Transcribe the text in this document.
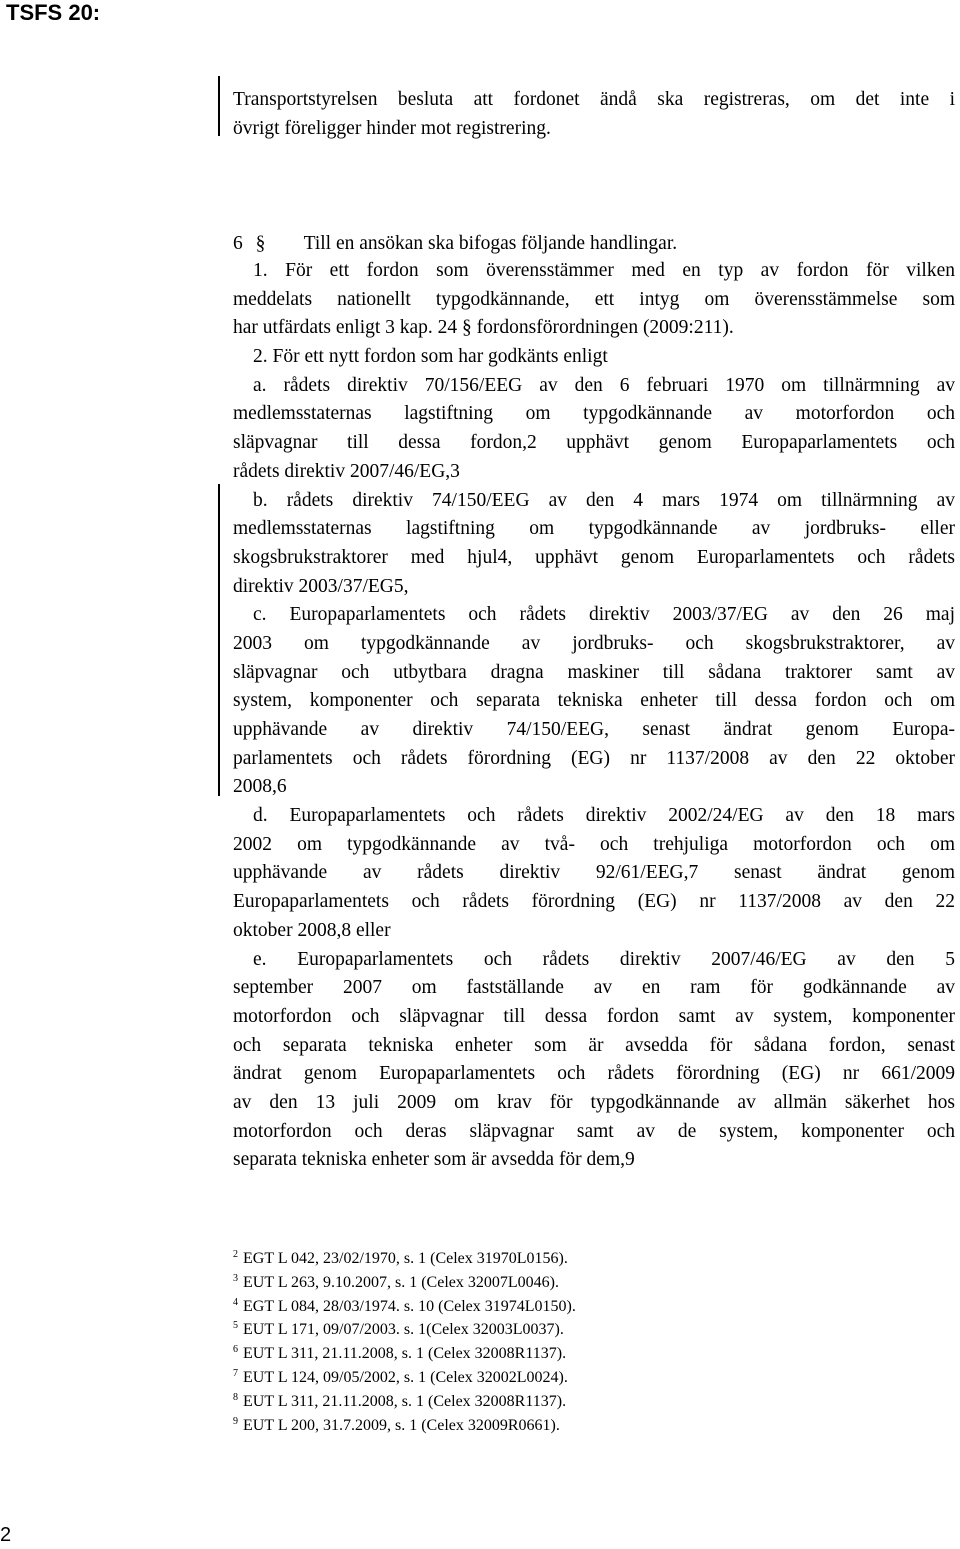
TSFS 20:
Transportstyrelsen besluta att fordonet ändå ska registreras, om det inte i
övrigt föreligger hinder mot registrering.
6 § Till en ansökan ska bifogas följande handlingar.
1. För ett fordon som överensstämmer med en typ av fordon för vilken
meddelats nationellt typgodkännande, ett intyg om överensstämmelse som
har utfärdats enligt 3 kap. 24 § fordonsförordningen (2009:211).
2. För ett nytt fordon som har godkänts enligt
a. rådets direktiv 70/156/EEG av den 6 februari 1970 om tillnärmning av
medlemsstaternas lagstiftning om typgodkännande av motorfordon och
släpvagnar till dessa fordon,2 upphävt genom Europaparlamentets och
rådets direktiv 2007/46/EG,3
b. rådets direktiv 74/150/EEG av den 4 mars 1974 om tillnärmning av
medlemsstaternas lagstiftning om typgodkännande av jordbruks- eller
skogsbrukstraktorer med hjul4, upphävt genom Europarlamentets och rådets
direktiv 2003/37/EG5,
c. Europaparlamentets och rådets direktiv 2003/37/EG av den 26 maj
2003 om typgodkännande av jordbruks- och skogsbrukstraktorer, av
släpvagnar och utbytbara dragna maskiner till sådana traktorer samt av
system, komponenter och separata tekniska enheter till dessa fordon och om
upphävande av direktiv 74/150/EEG, senast ändrat genom Europa-
parlamentets och rådets förordning (EG) nr 1137/2008 av den 22 oktober
2008,6
d. Europaparlamentets och rådets direktiv 2002/24/EG av den 18 mars
2002 om typgodkännande av två- och trehjuliga motorfordon och om
upphävande av rådets direktiv 92/61/EEG,7 senast ändrat genom
Europaparlamentets och rådets förordning (EG) nr 1137/2008 av den 22
oktober 2008,8 eller
e. Europaparlamentets och rådets direktiv 2007/46/EG av den 5
september 2007 om fastställande av en ram för godkännande av
motorfordon och släpvagnar till dessa fordon samt av system, komponenter
och separata tekniska enheter som är avsedda för sådana fordon, senast
ändrat genom Europaparlamentets och rådets förordning (EG) nr 661/2009
av den 13 juli 2009 om krav för typgodkännande av allmän säkerhet hos
motorfordon och deras släpvagnar samt av de system, komponenter och
separata tekniska enheter som är avsedda för dem,9
$^2$ EGT L 042, 23/02/1970, s. 1 (Celex 31970L0156).
$^3$ EUT L 263, 9.10.2007, s. 1 (Celex 32007L0046).
$^4$ EGT L 084, 28/03/1974. s. 10 (Celex 31974L0150).
$^5$ EUT L 171, 09/07/2003. s. 1(Celex 32003L0037).
$^6$ EUT L 311, 21.11.2008, s. 1 (Celex 32008R1137).
$^7$ EUT L 124, 09/05/2002, s. 1 (Celex 32002L0024).
$^8$ EUT L 311, 21.11.2008, s. 1 (Celex 32008R1137).
$^9$ EUT L 200, 31.7.2009, s. 1 (Celex 32009R0661).
2
